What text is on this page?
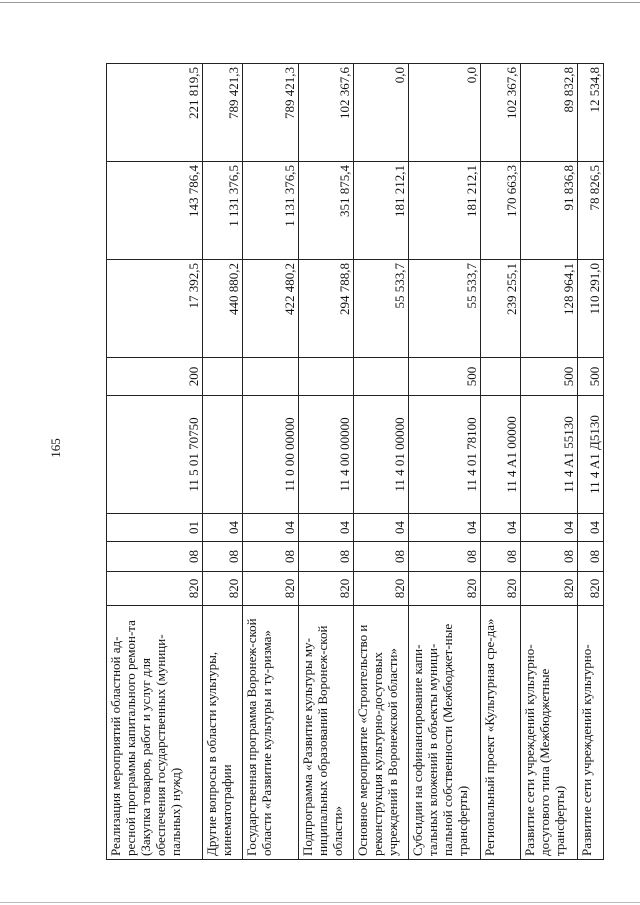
165
Реализация мероприятий областной ад-ресной программы капитального ремон-та (Закупка товаров, работ и услуг для обеспечения государственных (муници-пальных) нужд)	820	08	01	11 5 01 70750	200	17 392,5	143 786,4	221 819,5
Другие вопросы в области культуры, кинематографии	820	08	04			440 880,2	1 131 376,5	789 421,3
Государственная программа Воронеж-ской области «Развитие культуры и ту-ризма»	820	08	04	11 0 00 00000		422 480,2	1 131 376,5	789 421,3
Подпрограмма «Развитие культуры му-ниципальных образований Воронеж-ской области»	820	08	04	11 4 00 00000		294 788,8	351 875,4	102 367,6
Основное мероприятие «Строительство и реконструкция культурно-досуговых учреждений в Воронежской области»	820	08	04	11 4 01 00000		55 533,7	181 212,1	0,0
Субсидии на софинансирование капи-тальных вложений в объекты муници-пальной собственности (Межбюджет-ные трансферты)	820	08	04	11 4 01 78100	500	55 533,7	181 212,1	0,0
Региональный проект «Культурная сре-да»	820	08	04	11 4 A1 00000		239 255,1	170 663,3	102 367,6
Развитие сети учреждений культурно-досугового типа (Межбюджетные трансферты)	820	08	04	11 4 A1 55130	500	128 964,1	91 836,8	89 832,8
Развитие сети учреждений культурно-	820	08	04	11 4 A1 Д5130	500	110 291,0	78 826,5	12 534,8
